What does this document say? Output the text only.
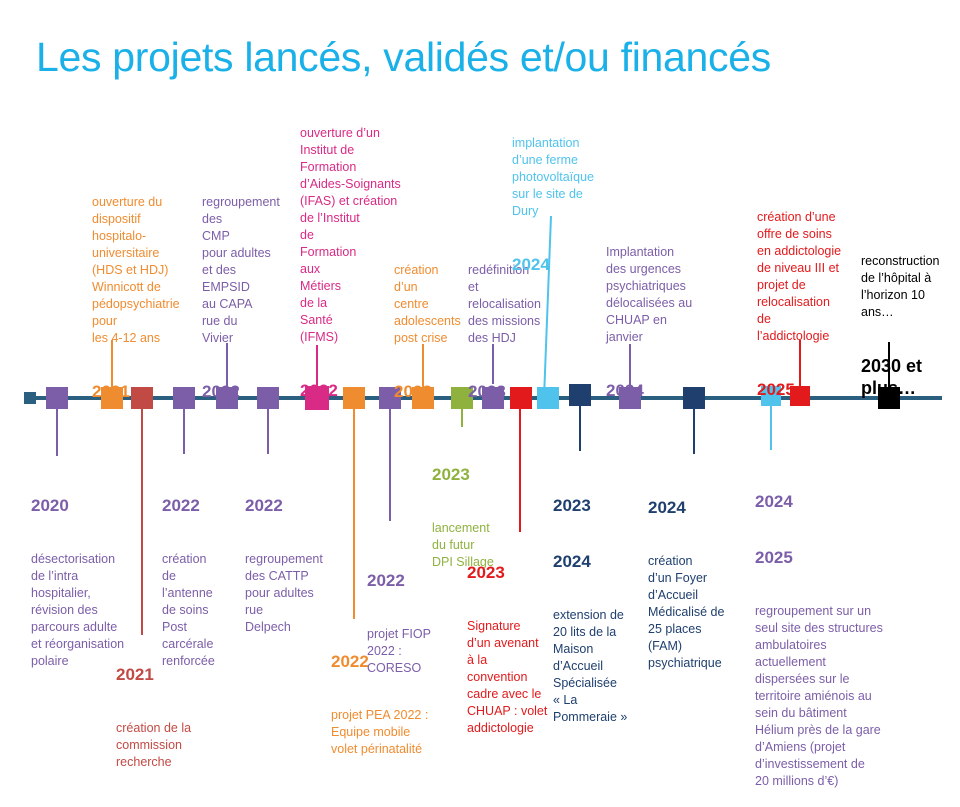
Les projets lancés, validés et/ou financés

ouverture du
dispositif
hospitalo-
universitaire
(HDS et HDJ)
Winnicott de
pédopsychiatrie
pour
les 4-12 ans

2021

regroupement
des
CMP
pour adultes
et des
EMPSID
au CAPA
rue du
Vivier

2022

ouverture d’un
Institut de
Formation
d’Aides-Soignants
(IFAS) et création
de l’Institut
de
Formation
aux
Métiers
de la
Santé
(IFMS)

2022

création
d’un
centre
adolescents
post crise

2023

redéfinition
et
relocalisation
des missions
des HDJ

2023

implantation
d’une ferme
photovoltaïque
sur le site de
Dury

2024

Implantation
des urgences
psychiatriques
délocalisées au
CHUAP en
janvier

2024

création d’une
offre de soins
en addictologie
de niveau III et
projet de
relocalisation
de
l’addictologie

2025

reconstruction
de l’hôpital à
l’horizon 10
ans…

2030 et
plus…

2020

désectorisation
de l’intra
hospitalier,
révision des
parcours adulte
et réorganisation
polaire

2021

création de la
commission
recherche

2022

création
de
l’antenne
de soins
Post
carcérale
renforcée

2022

regroupement
des CATTP
pour adultes
rue
Delpech

2022

projet PEA 2022 :
Equipe mobile
volet périnatalité

2022

projet FIOP
2022 :
CORESO

2023

lancement
du futur
DPI Sillage

2023

Signature
d’un avenant
à la
convention
cadre avec le
CHUAP : volet
addictologie

2023

2024

extension de
20 lits de la
Maison
d’Accueil
Spécialisée
« La
Pommeraie »

2024

création
d’un Foyer
d’Accueil
Médicalisé de
25 places
(FAM)
psychiatrique

2024

2025

regroupement sur un
seul site des structures
ambulatoires
actuellement
dispersées sur le
territoire amiénois au
sein du bâtiment
Hélium près de la gare
d’Amiens (projet
d’investissement de
20 millions d’€)
